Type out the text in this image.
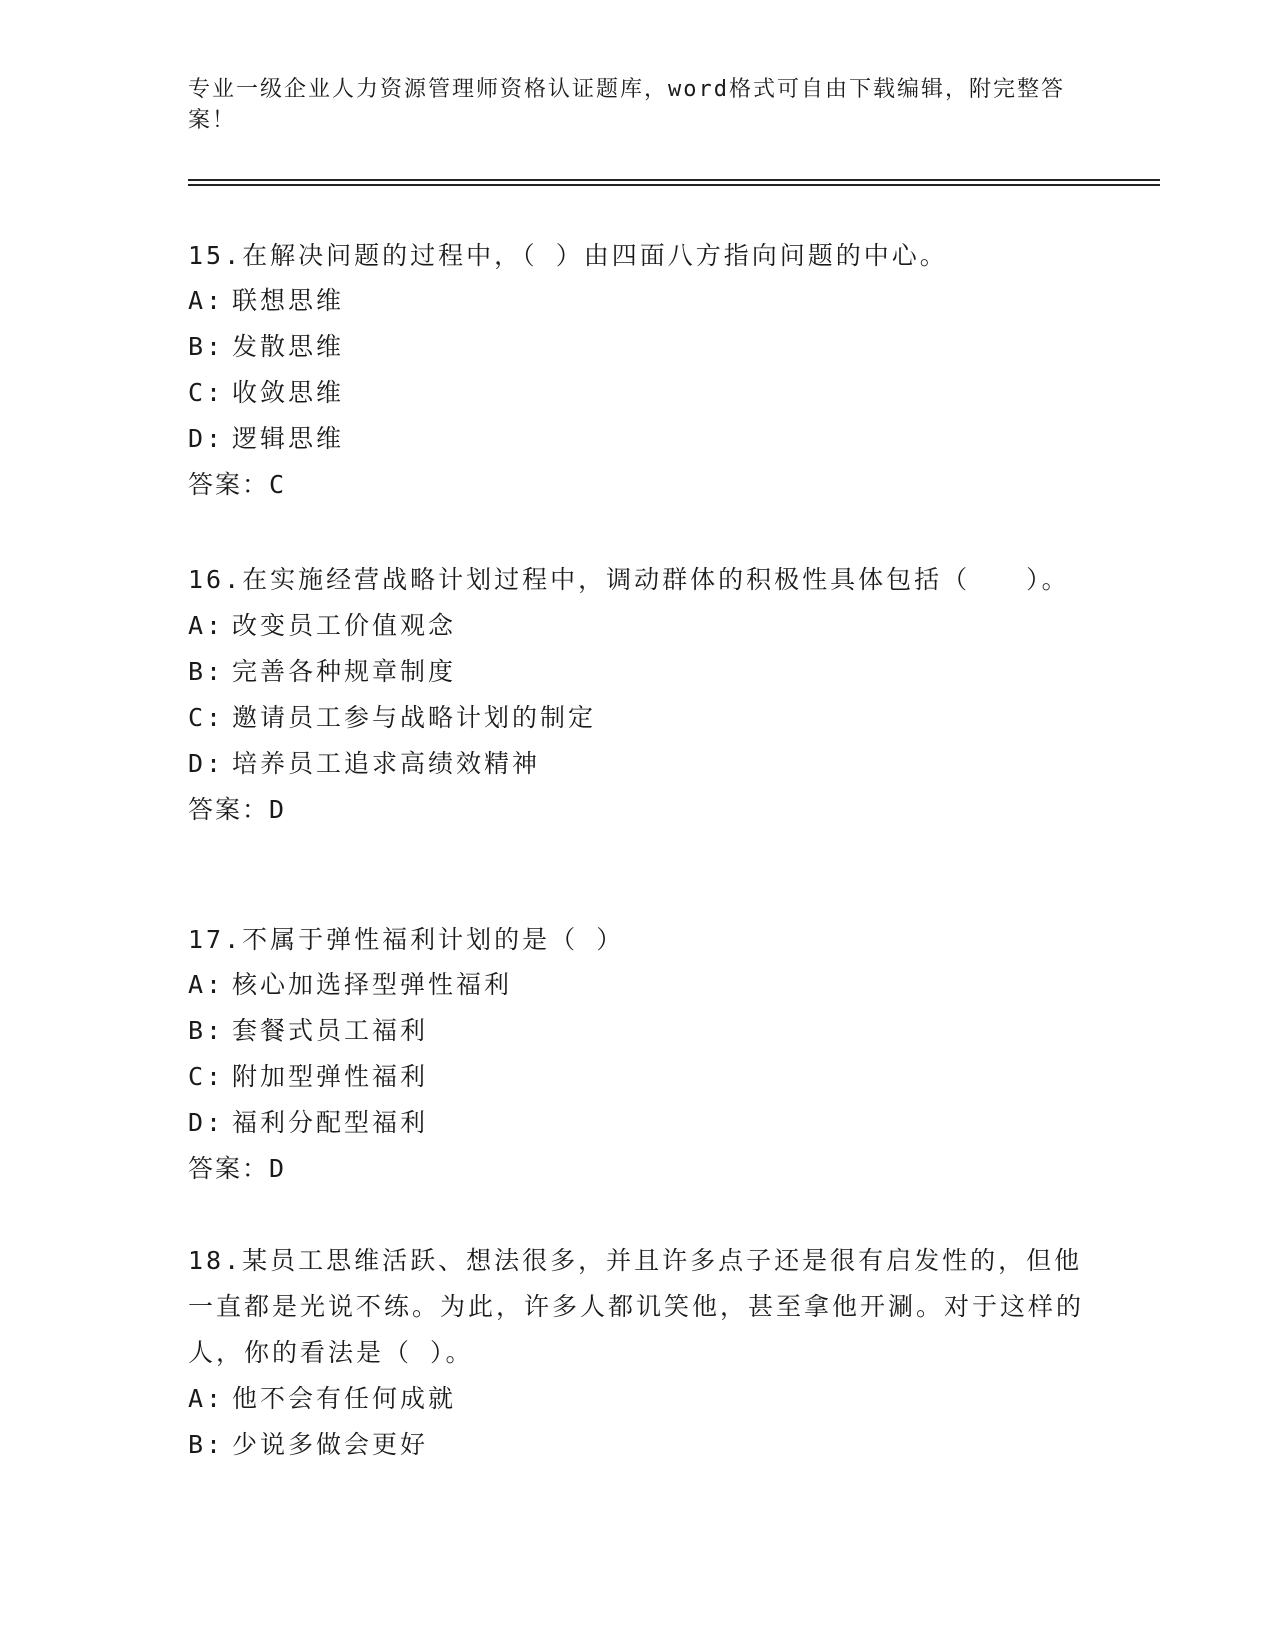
专业一级企业人力资源管理师资格认证题库，word格式可自由下载编辑，附完整答案！
15.在解决问题的过程中，（ ）由四面八方指向问题的中心。
A: 联想思维
B: 发散思维
C: 收敛思维
D: 逻辑思维
答案：C
16.在实施经营战略计划过程中，调动群体的积极性具体包括（　　）。
A: 改变员工价值观念
B: 完善各种规章制度
C: 邀请员工参与战略计划的制定
D: 培养员工追求高绩效精神
答案：D
17.不属于弹性福利计划的是（ ）
A: 核心加选择型弹性福利
B: 套餐式员工福利
C: 附加型弹性福利
D: 福利分配型福利
答案：D
18.某员工思维活跃、想法很多，并且许多点子还是很有启发性的，但他一直都是光说不练。为此，许多人都讥笑他，甚至拿他开涮。对于这样的人，你的看法是（ ）。
A: 他不会有任何成就
B: 少说多做会更好
